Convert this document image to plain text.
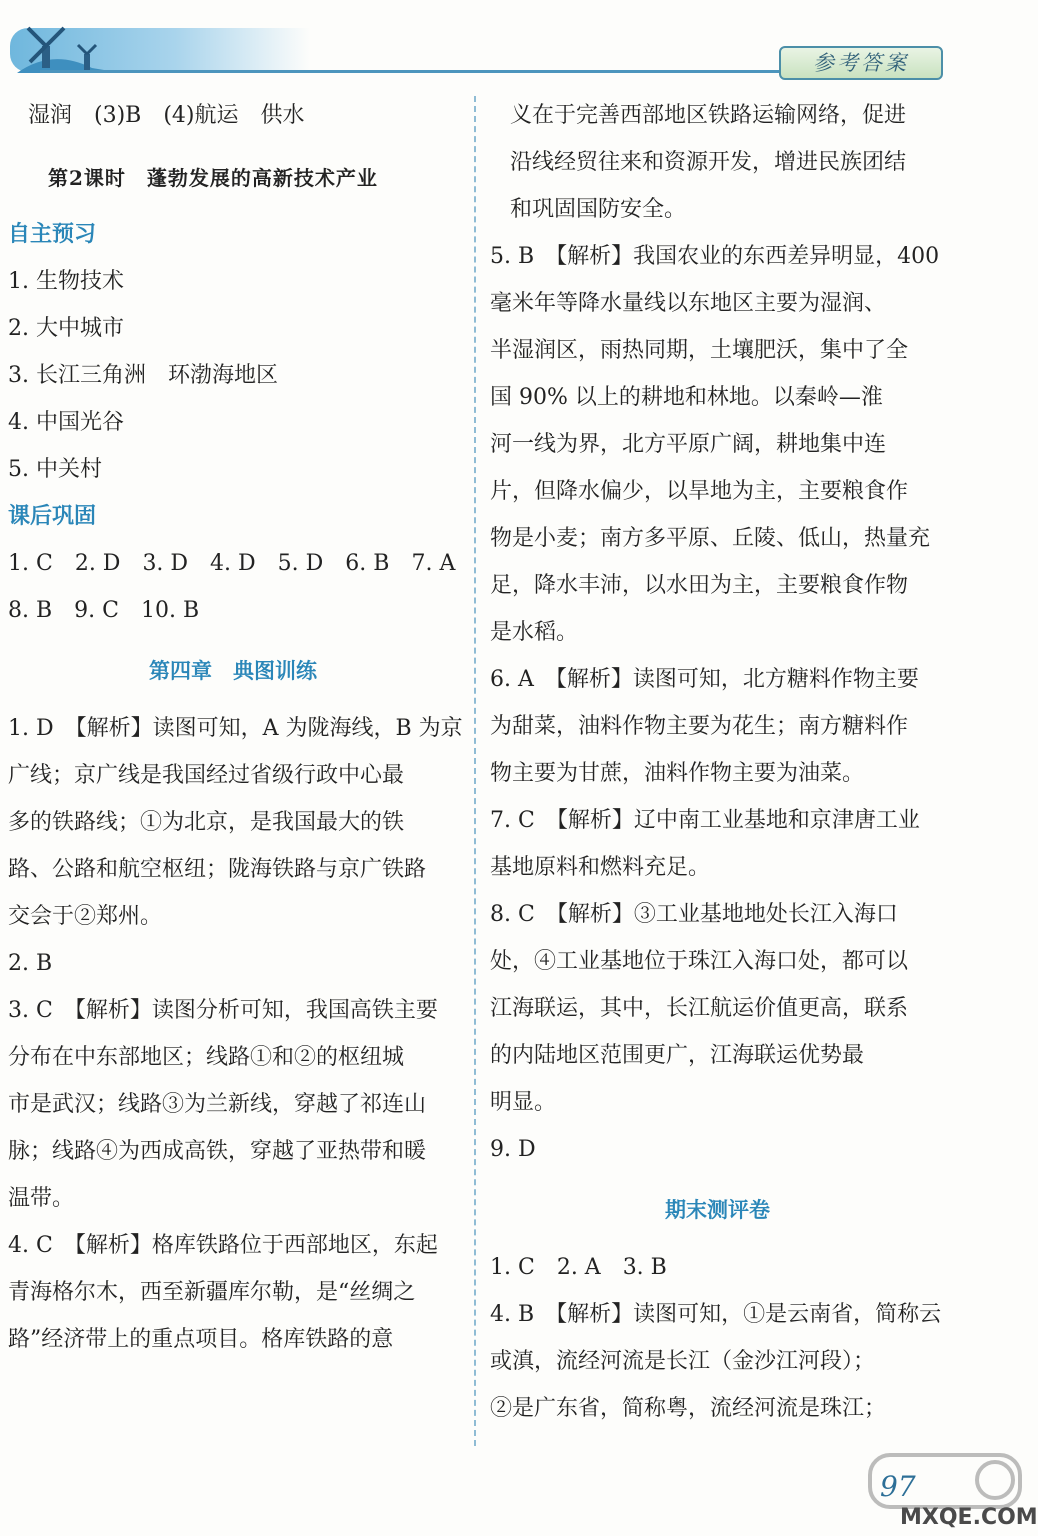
参考答案

湿润　(3)B　(4)航运　供水

第2课时　蓬勃发展的高新技术产业

自主预习

1. 生物技术

2. 大中城市

3. 长江三角洲　环渤海地区

4. 中国光谷

5. 中关村

课后巩固

1. C　2. D　3. D　4. D　5. D　6. B　7. A

8. B　9. C　10. B

第四章　典图训练

1. D　【解析】读图可知，A 为陇海线，B 为京

广线；京广线是我国经过省级行政中心最

多的铁路线；①为北京，是我国最大的铁

路、公路和航空枢纽；陇海铁路与京广铁路

交会于②郑州。

2. B

3. C　【解析】读图分析可知，我国高铁主要

分布在中东部地区；线路①和②的枢纽城

市是武汉；线路③为兰新线，穿越了祁连山

脉；线路④为西成高铁，穿越了亚热带和暖

温带。

4. C　【解析】格库铁路位于西部地区，东起

青海格尔木，西至新疆库尔勒，是“丝绸之

路”经济带上的重点项目。格库铁路的意

义在于完善西部地区铁路运输网络，促进

沿线经贸往来和资源开发，增进民族团结

和巩固国防安全。

5. B　【解析】我国农业的东西差异明显，400

毫米年等降水量线以东地区主要为湿润、

半湿润区，雨热同期，土壤肥沃，集中了全

国 90% 以上的耕地和林地。以秦岭—淮

河一线为界，北方平原广阔，耕地集中连

片，但降水偏少，以旱地为主，主要粮食作

物是小麦；南方多平原、丘陵、低山，热量充

足，降水丰沛，以水田为主，主要粮食作物

是水稻。

6. A　【解析】读图可知，北方糖料作物主要

为甜菜，油料作物主要为花生；南方糖料作

物主要为甘蔗，油料作物主要为油菜。

7. C　【解析】辽中南工业基地和京津唐工业

基地原料和燃料充足。

8. C　【解析】③工业基地地处长江入海口

处，④工业基地位于珠江入海口处，都可以

江海联运，其中，长江航运价值更高，联系

的内陆地区范围更广，江海联运优势最

明显。

9. D

期末测评卷

1. C　2. A　3. B

4. B　【解析】读图可知，①是云南省，简称云

或滇，流经河流是长江（金沙江河段）；

②是广东省，简称粤，流经河流是珠江；

97
MXQE.COM
